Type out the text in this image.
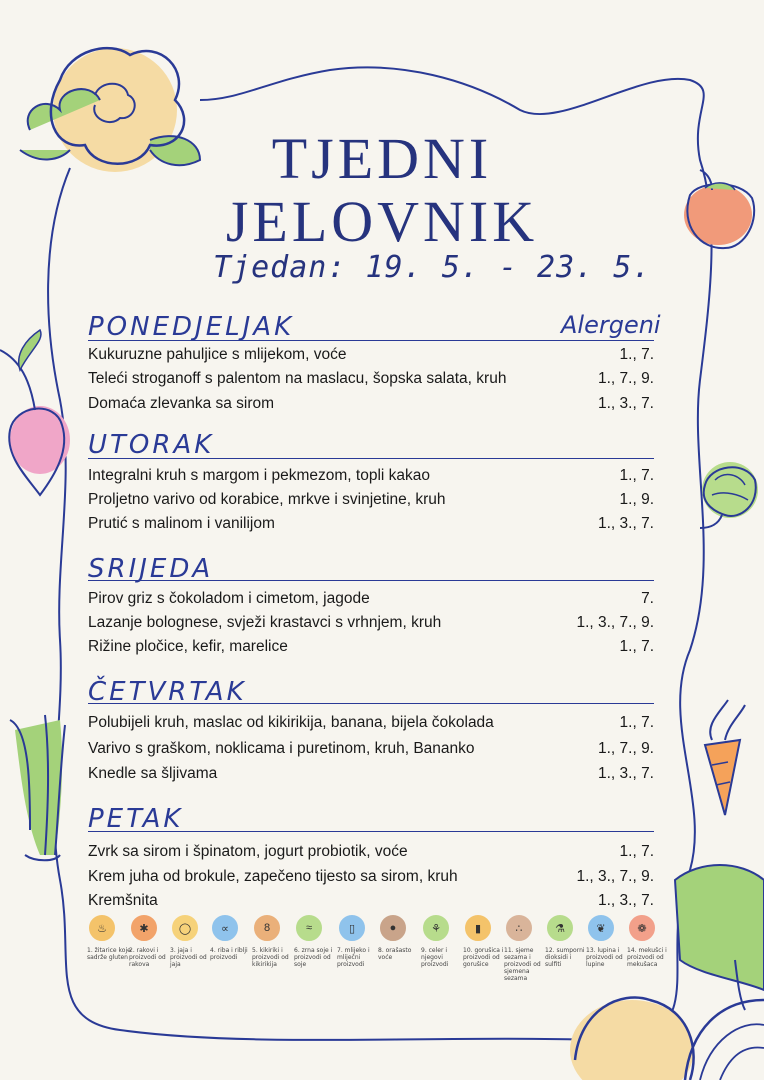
TJEDNI
JELOVNIK
Tjedan: 19. 5. - 23. 5.
Alergeni
PONEDJELJAK
Kukuruzne pahuljice s mlijekom, voće	1., 7.
Teleći stroganoff s palentom na maslacu, šopska salata, kruh	1., 7., 9.
Domaća zlevanka sa sirom	1., 3., 7.
UTORAK
Integralni kruh s margom i pekmezom, topli kakao	1., 7.
Proljetno varivo od korabice, mrkve i svinjetine, kruh	1., 9.
Prutić s malinom i vanilijom	1., 3., 7.
SRIJEDA
Pirov griz s čokoladom i cimetom, jagode	7.
Lazanje bolognese, svježi krastavci s vrhnjem, kruh	1., 3., 7., 9.
Rižine pločice, kefir, marelice	1., 7.
ČETVRTAK
Polubijeli kruh, maslac od kikirikija, banana, bijela čokolada	1., 7.
Varivo s graškom, noklicama i puretinom, kruh, Bananko	1., 7., 9.
Knedle sa šljivama	1., 3., 7.
PETAK
Zvrk sa sirom i špinatom, jogurt probiotik, voće	1., 7.
Krem juha od brokule, zapečeno tijesto sa sirom, kruh	1., 3., 7., 9.
Kremšnita	1., 3., 7.
♨
1. žitarice koje sadrže gluten
✱
2. rakovi i proizvodi od rakova
◯
3. jaja i proizvodi od jaja
∝
4. riba i riblji proizvodi
8
5. kikiriki i proizvodi od kikirikija
≈
6. zrna soje i proizvodi od soje
▯
7. mlijeko i mliječni proizvodi
●
8. orašasto voće
⚘
9. celer i njegovi proizvodi
▮
10. gorušica i proizvodi od gorušice
∴
11. sjeme sezama i proizvodi od sjemena sezama
⚗
12. sumporni dioksidi i sulfiti
❦
13. lupina i proizvodi od lupine
❁
14. mekušci i proizvodi od mekušaca
